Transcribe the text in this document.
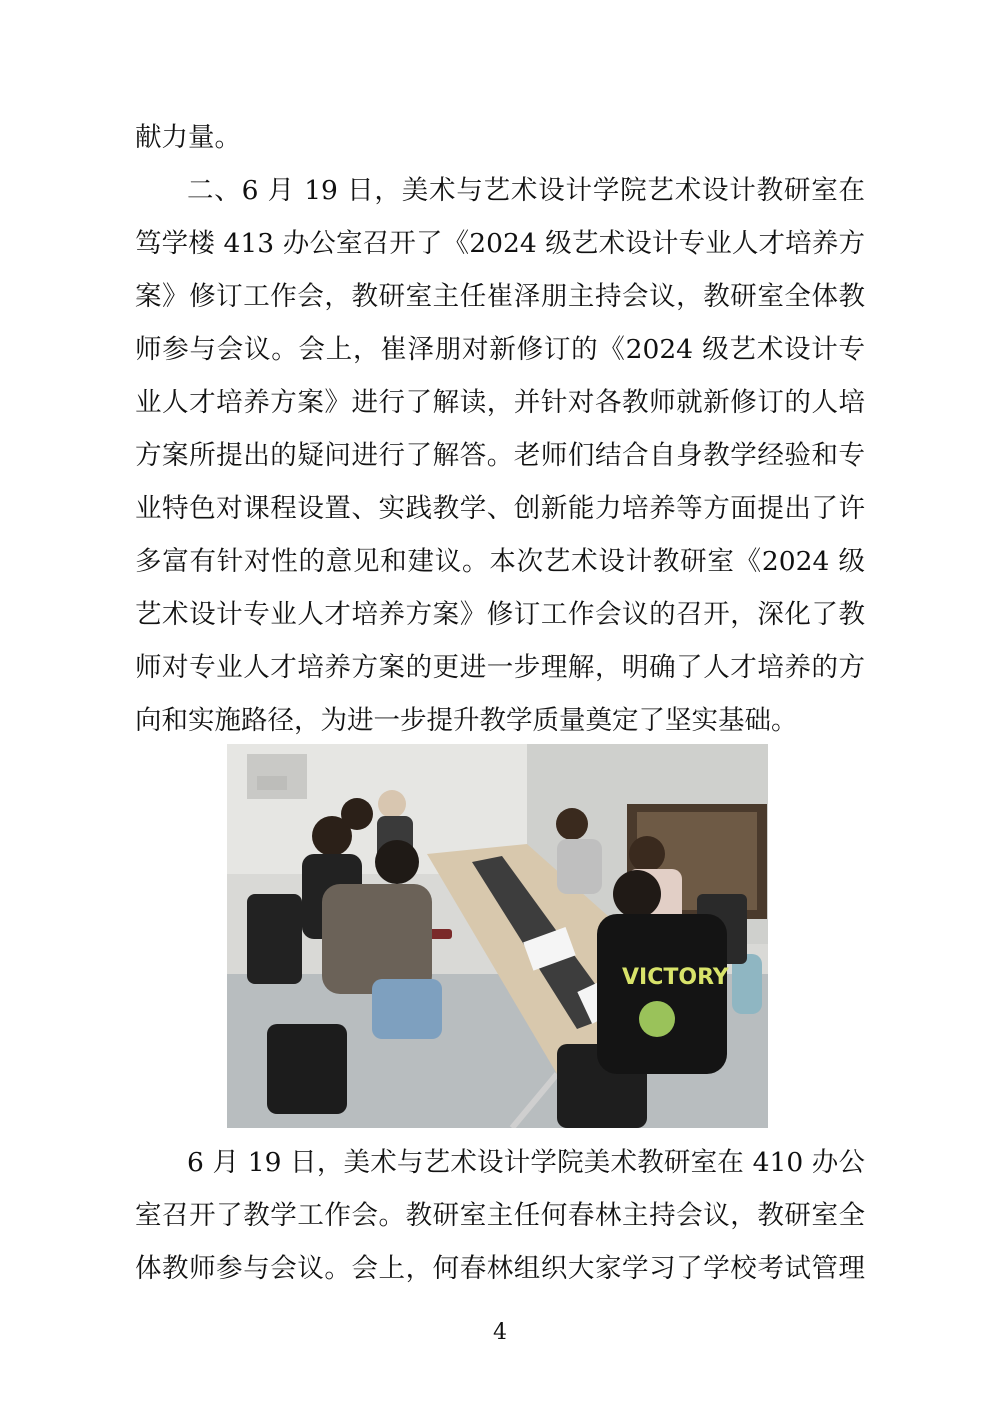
献力量。
二、6 月 19 日，美术与艺术设计学院艺术设计教研室在
笃学楼 413 办公室召开了《2024 级艺术设计专业人才培养方
案》修订工作会，教研室主任崔泽朋主持会议，教研室全体教
师参与会议。会上，崔泽朋对新修订的《2024 级艺术设计专
业人才培养方案》进行了解读，并针对各教师就新修订的人培
方案所提出的疑问进行了解答。老师们结合自身教学经验和专
业特色对课程设置、实践教学、创新能力培养等方面提出了许
多富有针对性的意见和建议。本次艺术设计教研室《2024 级
艺术设计专业人才培养方案》修订工作会议的召开，深化了教
师对专业人才培养方案的更进一步理解，明确了人才培养的方
向和实施路径，为进一步提升教学质量奠定了坚实基础。
VICTORY
6 月 19 日，美术与艺术设计学院美术教研室在 410 办公
室召开了教学工作会。教研室主任何春林主持会议，教研室全
体教师参与会议。会上，何春林组织大家学习了学校考试管理
4
